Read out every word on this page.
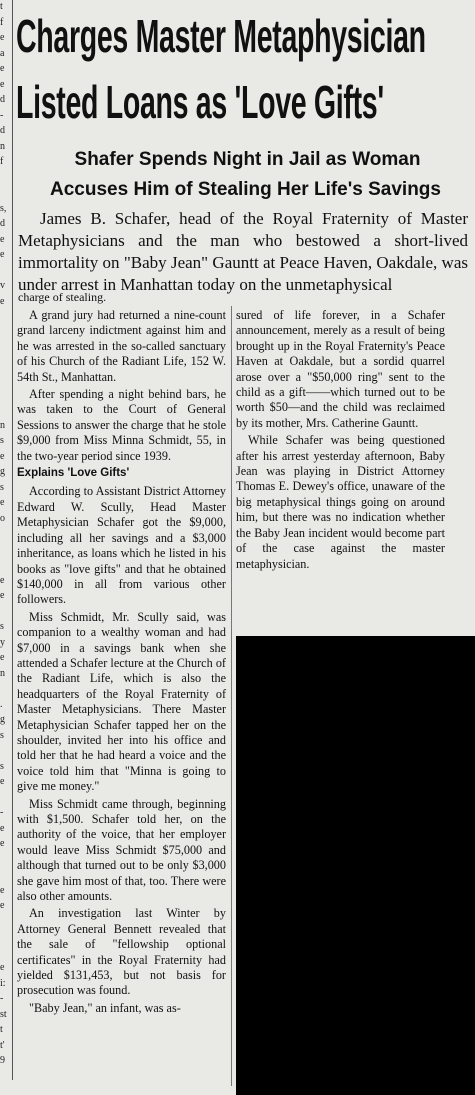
t
f
e
a
e
e
d
-
d
n
f
s,
d
e
e
v
e
n
s
e
g
s
e
o
e
e
s
y
e
n
.
g
s
s
e
-
e
e
e
e
e
i:
-
st
t
t'
9
Charges Master Metaphysician
Listed Loans as 'Love Gifts'
Shafer Spends Night in Jail as Woman
Accuses Him of Stealing Her Life's Savings

James B. Schafer, head of the Royal Fraternity of Master Metaphysicians and the man who bestowed a short-lived immortality on "Baby Jean" Gauntt at Peace Haven, Oakdale, was under arrest in Manhattan today on the unmetaphysical

charge of stealing.

A grand jury had returned a nine-count grand larceny indictment against him and he was arrested in the so-called sanctuary of his Church of the Radiant Life, 152 W. 54th St., Manhattan.

After spending a night behind bars, he was taken to the Court of General Sessions to answer the charge that he stole $9,000 from Miss Minna Schmidt, 55, in the two-year period since 1939.

Explains 'Love Gifts'

According to Assistant District Attorney Edward W. Scully, Head Master Metaphysician Schafer got the $9,000, including all her savings and a $3,000 inheritance, as loans which he listed in his books as "love gifts" and that he obtained $140,000 in all from various other followers.

Miss Schmidt, Mr. Scully said, was companion to a wealthy woman and had $7,000 in a savings bank when she attended a Schafer lecture at the Church of the Radiant Life, which is also the headquarters of the Royal Fraternity of Master Metaphysicians. There Master Metaphysician Schafer tapped her on the shoulder, invited her into his office and told her that he had heard a voice and the voice told him that "Minna is going to give me money."

Miss Schmidt came through, beginning with $1,500. Schafer told her, on the authority of the voice, that her employer would leave Miss Schmidt $75,000 and although that turned out to be only $3,000 she gave him most of that, too. There were also other amounts.

An investigation last Winter by Attorney General Bennett revealed that the sale of "fellowship optional certificates" in the Royal Fraternity had yielded $131,453, but not basis for prosecution was found.

"Baby Jean," an infant, was as-

sured of life forever, in a Schafer announcement, merely as a result of being brought up in the Royal Fraternity's Peace Haven at Oakdale, but a sordid quarrel arose over a "$50,000 ring" sent to the child as a gift——which turned out to be worth $50—and the child was reclaimed by its mother, Mrs. Catherine Gauntt.

While Schafer was being questioned after his arrest yesterday afternoon, Baby Jean was playing in District Attorney Thomas E. Dewey's office, unaware of the big metaphysical things going on around him, but there was no indication whether the Baby Jean incident would become part of the case against the master metaphysician.
